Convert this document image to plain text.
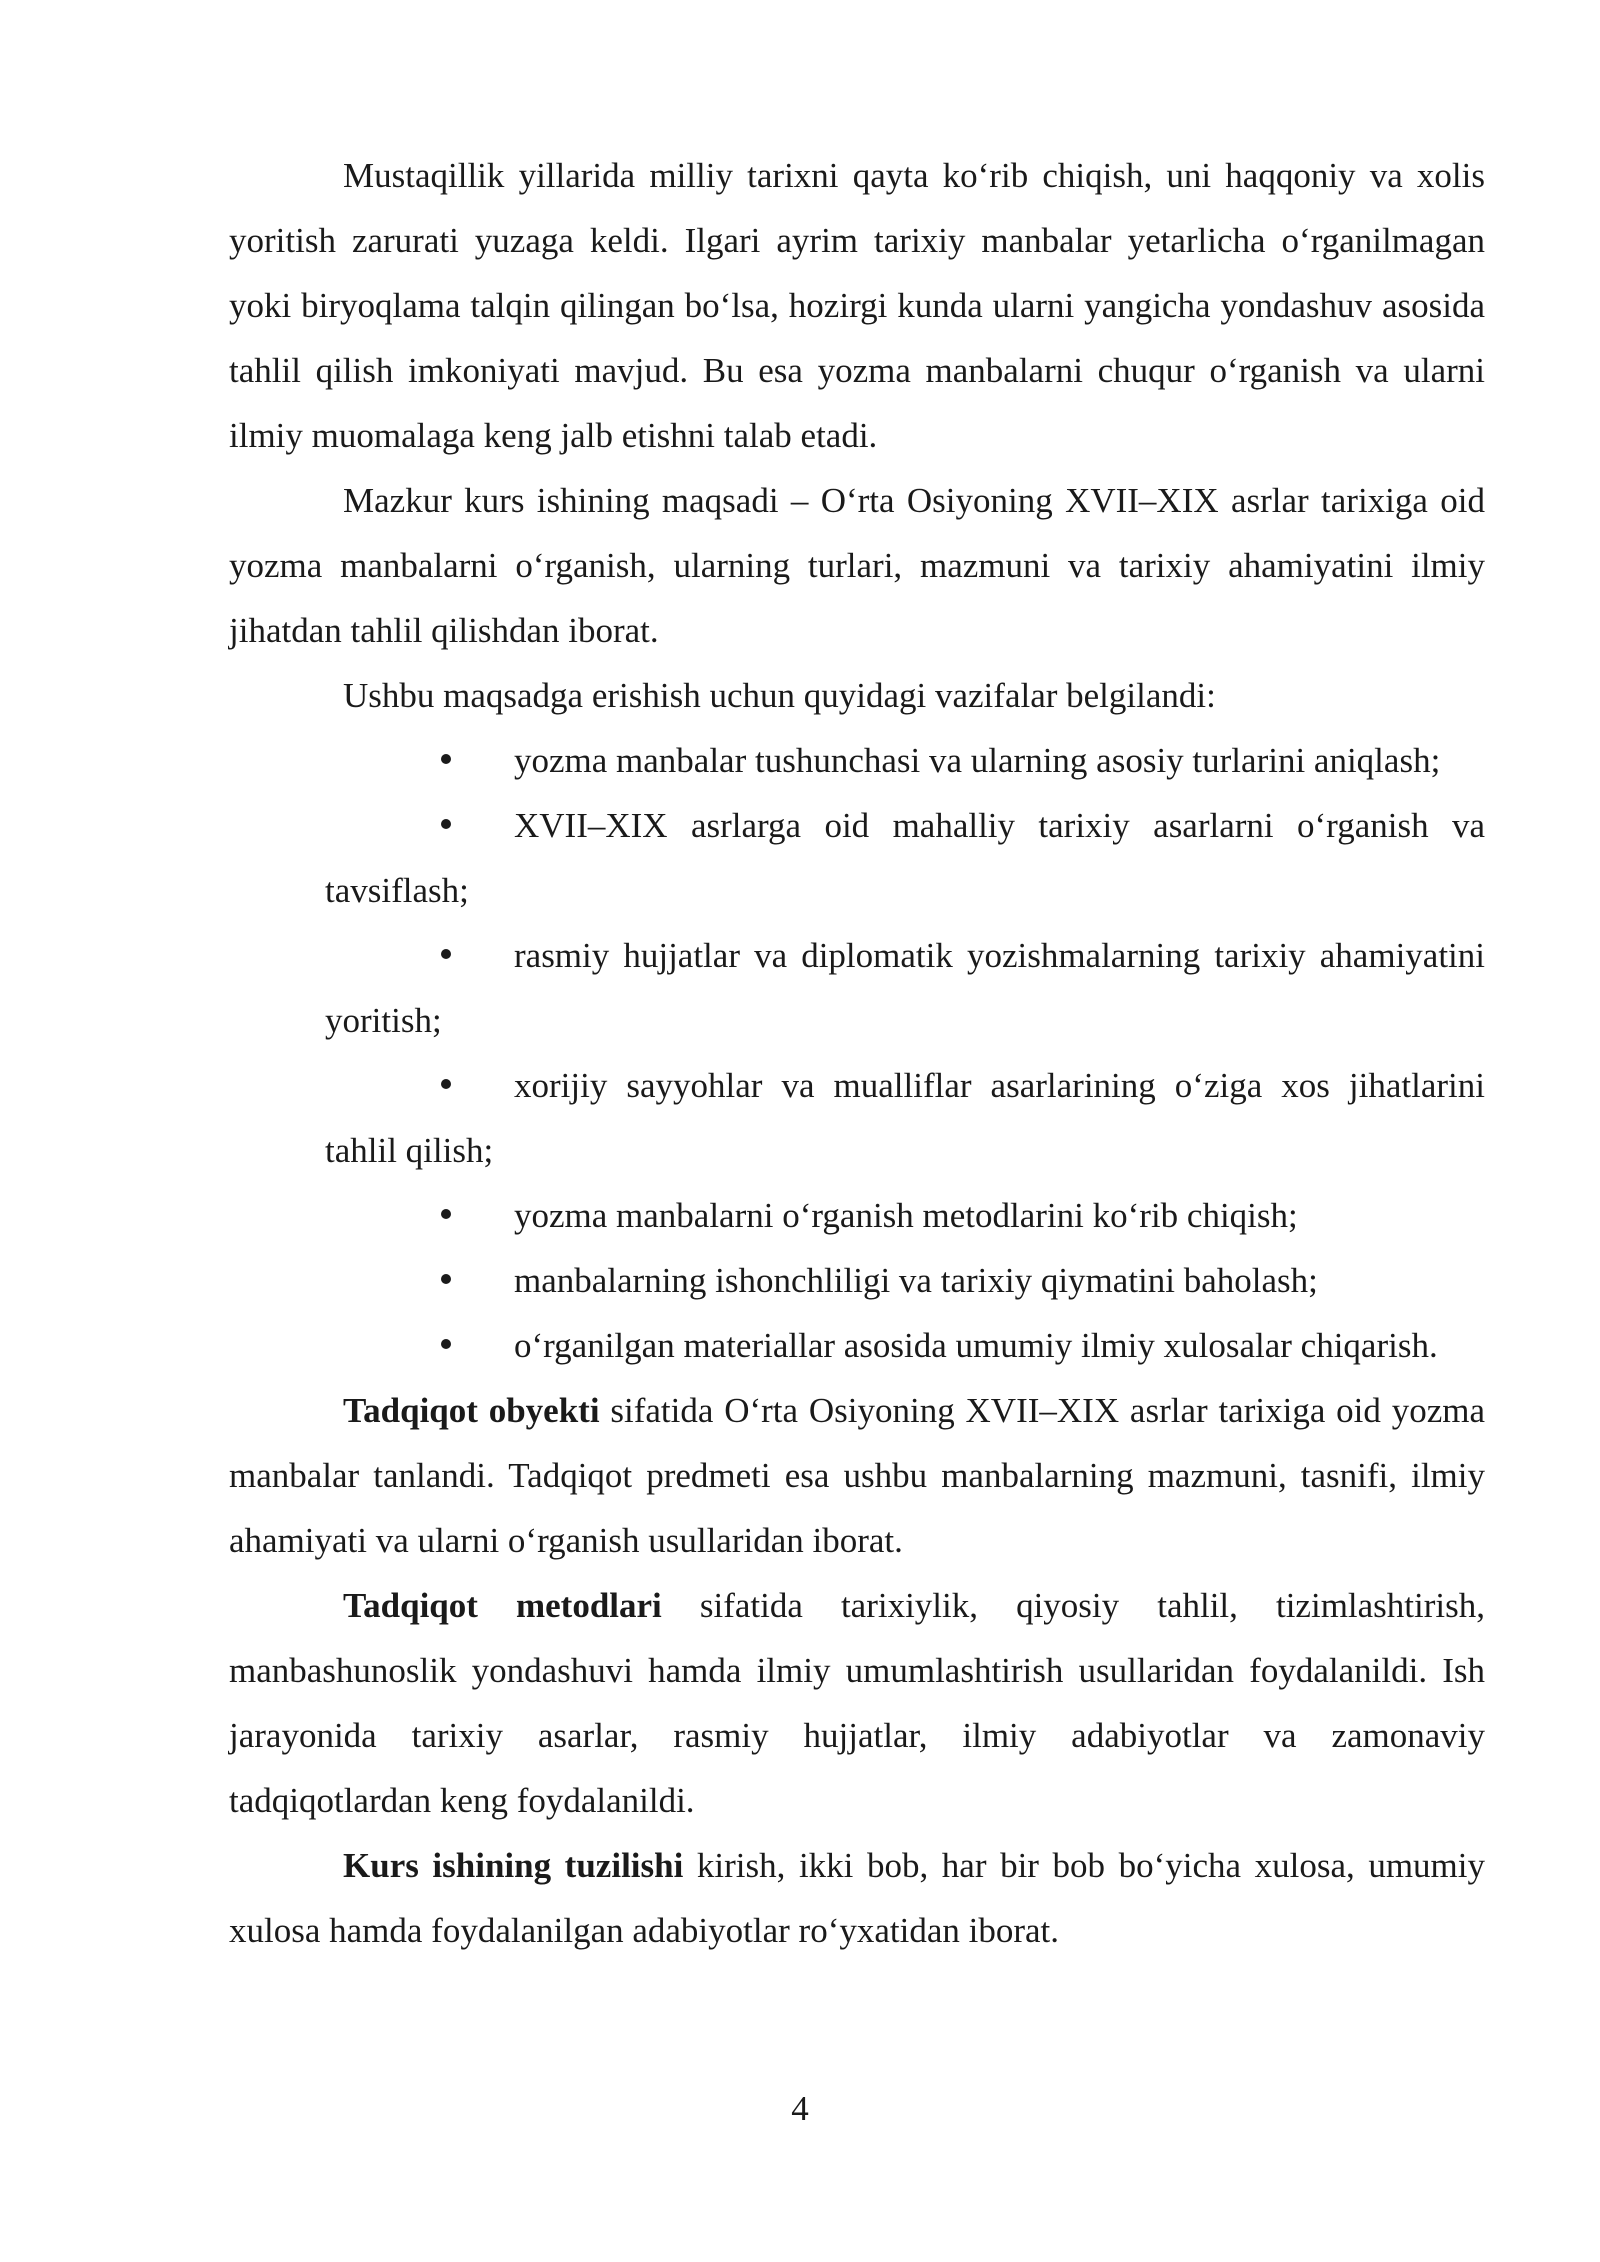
Mustaqillik yillarida milliy tarixni qayta ko‘rib chiqish, uni haqqoniy va xolis yoritish zarurati yuzaga keldi. Ilgari ayrim tarixiy manbalar yetarlicha o‘rganilmagan yoki biryoqlama talqin qilingan bo‘lsa, hozirgi kunda ularni yangicha yondashuv asosida tahlil qilish imkoniyati mavjud. Bu esa yozma manbalarni chuqur o‘rganish va ularni ilmiy muomalaga keng jalb etishni talab etadi.

Mazkur kurs ishining maqsadi – O‘rta Osiyoning XVII–XIX asrlar tarixiga oid yozma manbalarni o‘rganish, ularning turlari, mazmuni va tarixiy ahamiyatini ilmiy jihatdan tahlil qilishdan iborat.

Ushbu maqsadga erishish uchun quyidagi vazifalar belgilandi:

yozma manbalar tushunchasi va ularning asosiy turlarini aniqlash;
XVII–XIX asrlarga oid mahalliy tarixiy asarlarni o‘rganish va tavsiflash;
rasmiy hujjatlar va diplomatik yozishmalarning tarixiy ahamiyatini yoritish;
xorijiy sayyohlar va mualliflar asarlarining o‘ziga xos jihatlarini tahlil qilish;
yozma manbalarni o‘rganish metodlarini ko‘rib chiqish;
manbalarning ishonchliligi va tarixiy qiymatini baholash;
o‘rganilgan materiallar asosida umumiy ilmiy xulosalar chiqarish.

Tadqiqot obyekti sifatida O‘rta Osiyoning XVII–XIX asrlar tarixiga oid yozma manbalar tanlandi. Tadqiqot predmeti esa ushbu manbalarning mazmuni, tasnifi, ilmiy ahamiyati va ularni o‘rganish usullaridan iborat.

Tadqiqot metodlari sifatida tarixiylik, qiyosiy tahlil, tizimlashtirish, manbashunoslik yondashuvi hamda ilmiy umumlashtirish usullaridan foydalanildi. Ish jarayonida tarixiy asarlar, rasmiy hujjatlar, ilmiy adabiyotlar va zamonaviy tadqiqotlardan keng foydalanildi.

Kurs ishining tuzilishi kirish, ikki bob, har bir bob bo‘yicha xulosa, umumiy xulosa hamda foydalanilgan adabiyotlar ro‘yxatidan iborat.

4
